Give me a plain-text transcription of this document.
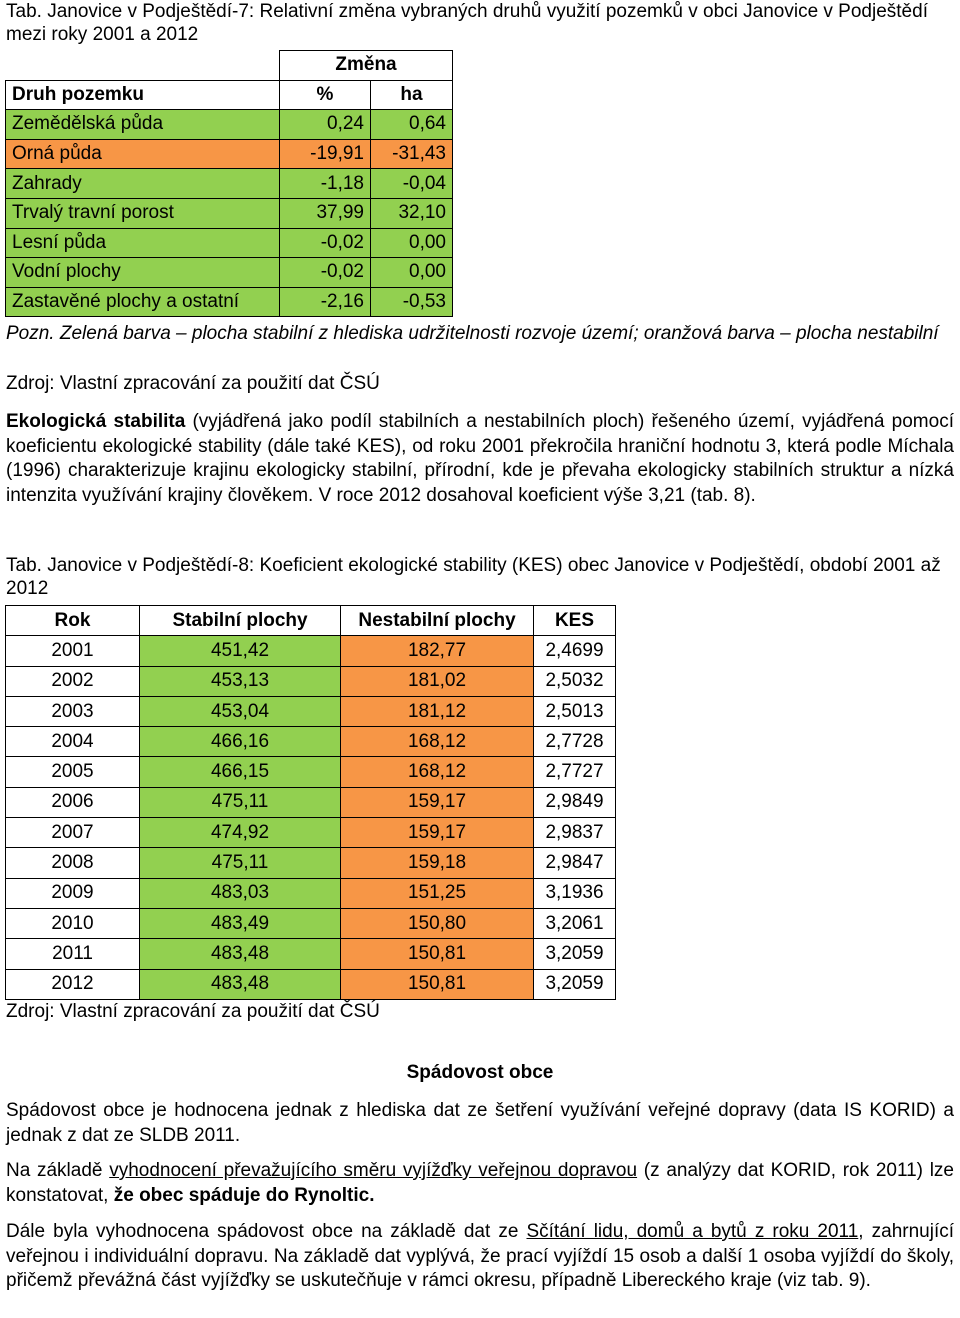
Tab. Janovice v Podještědí-7: Relativní změna vybraných druhů využití pozemků v obci Janovice v Podještědí mezi roky 2001 a 2012
	Změna	
Druh pozemku	%	ha
Zemědělská půda	0,24	0,64
Orná půda	-19,91	-31,43
Zahrady	-1,18	-0,04
Trvalý travní porost	37,99	32,10
Lesní půda	-0,02	0,00
Vodní plochy	-0,02	0,00
Zastavěné plochy a ostatní	-2,16	-0,53
Pozn. Zelená barva – plocha stabilní z hlediska udržitelnosti rozvoje území; oranžová barva – plocha nestabilní
Zdroj: Vlastní zpracování za použití dat ČSÚ
Ekologická stabilita (vyjádřená jako podíl stabilních a nestabilních ploch) řešeného území, vyjádřená pomocí koeficientu ekologické stability (dále také KES), od roku 2001 překročila hraniční hodnotu 3, která podle Míchala (1996) charakterizuje krajinu ekologicky stabilní, přírodní, kde je převaha ekologicky stabilních struktur a nízká intenzita využívání krajiny člověkem. V roce 2012 dosahoval koeficient výše 3,21 (tab. 8).
Tab. Janovice v Podještědí-8: Koeficient ekologické stability (KES) obec Janovice v Podještědí, období 2001 až 2012
Rok	Stabilní plochy	Nestabilní plochy	KES
2001	451,42	182,77	2,4699
2002	453,13	181,02	2,5032
2003	453,04	181,12	2,5013
2004	466,16	168,12	2,7728
2005	466,15	168,12	2,7727
2006	475,11	159,17	2,9849
2007	474,92	159,17	2,9837
2008	475,11	159,18	2,9847
2009	483,03	151,25	3,1936
2010	483,49	150,80	3,2061
2011	483,48	150,81	3,2059
2012	483,48	150,81	3,2059
Zdroj: Vlastní zpracování za použití dat ČSÚ
Spádovost obce
Spádovost obce je hodnocena jednak z hlediska dat ze šetření využívání veřejné dopravy (data IS KORID) a jednak z dat ze SLDB 2011.
Na základě vyhodnocení převažujícího směru vyjížďky veřejnou dopravou (z analýzy dat KORID, rok 2011) lze konstatovat, že obec spáduje do Rynoltic.
Dále byla vyhodnocena spádovost obce na základě dat ze Sčítání lidu, domů a bytů z roku 2011, zahrnující veřejnou i individuální dopravu. Na základě dat vyplývá, že prací vyjíždí 15 osob a další 1 osoba vyjíždí do školy, přičemž převážná část vyjížďky se uskutečňuje v rámci okresu, případně Libereckého kraje (viz tab. 9).
